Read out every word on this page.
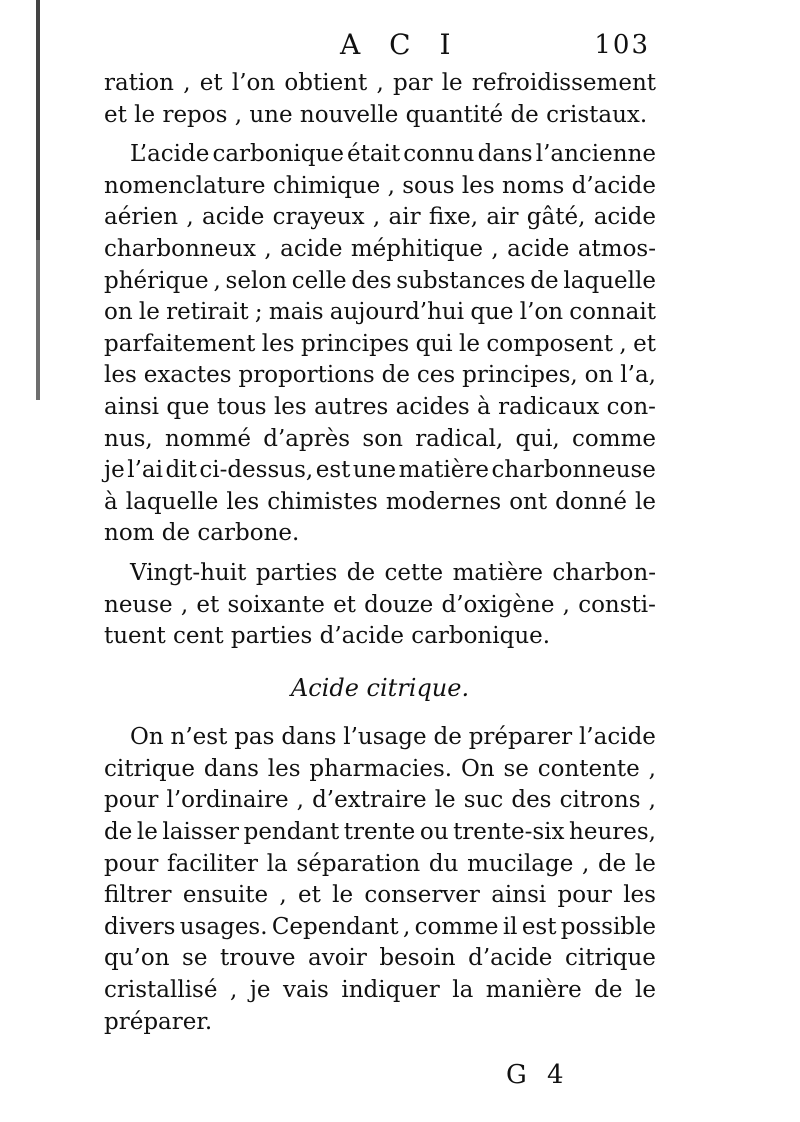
A C I	103
ration , et l’on obtient , par le refroidissement
et le repos , une nouvelle quantité de cristaux.
L’acide carbonique était connu dans l’ancienne
nomenclature chimique , sous les noms d’acide
aérien , acide crayeux , air fixe, air gâté, acide
charbonneux , acide méphitique , acide atmos-
phérique , selon celle des substances de laquelle
on le retirait ; mais aujourd’hui que l’on connait
parfaitement les principes qui le composent , et
les exactes proportions de ces principes, on l’a,
ainsi que tous les autres acides à radicaux con-
nus, nommé d’après son radical, qui, comme
je l’ai dit ci-dessus, est une matière charbonneuse
à laquelle les chimistes modernes ont donné le
nom de carbone.
Vingt-huit parties de cette matière charbon-
neuse , et soixante et douze d’oxigène , consti-
tuent cent parties d’acide carbonique.
Acide citrique.
On n’est pas dans l’usage de préparer l’acide
citrique dans les pharmacies. On se contente ,
pour l’ordinaire , d’extraire le suc des citrons ,
de le laisser pendant trente ou trente-six heures,
pour faciliter la séparation du mucilage , de le
filtrer ensuite , et le conserver ainsi pour les
divers usages. Cependant , comme il est possible
qu’on se trouve avoir besoin d’acide citrique
cristallisé , je vais indiquer la manière de le
préparer.
G 4
